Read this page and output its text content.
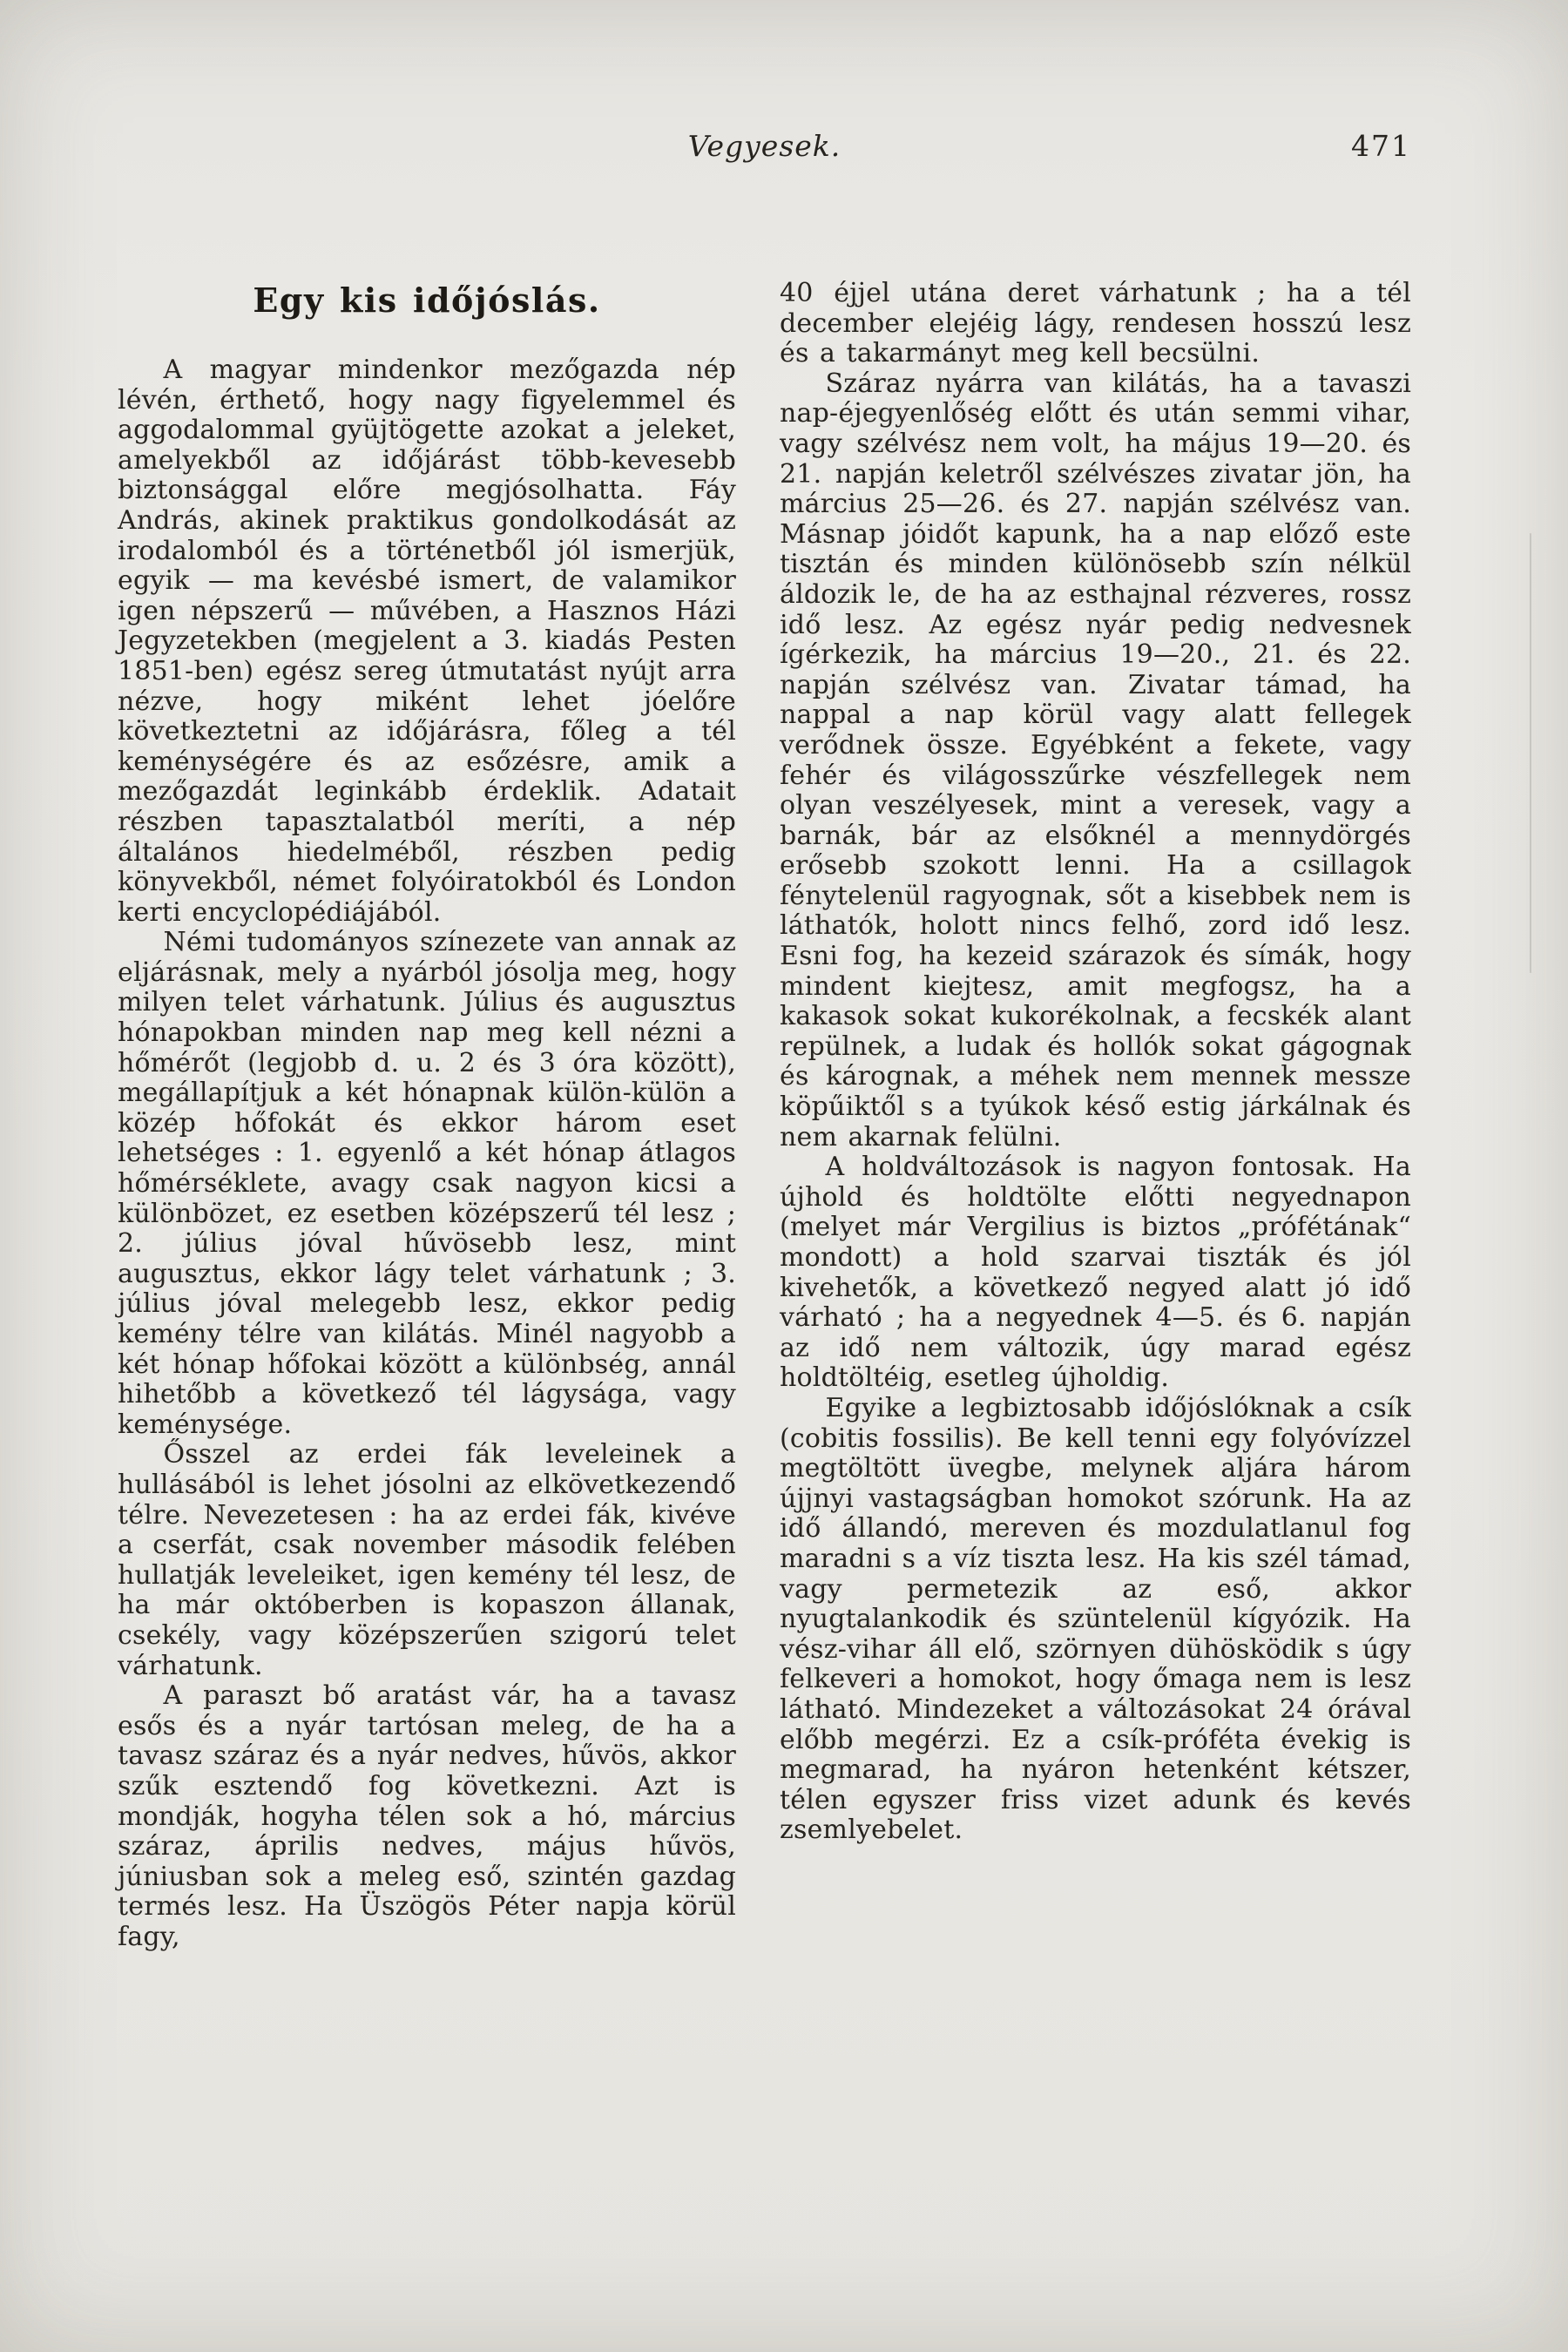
Vegyesek.	471
Egy kis időjóslás.

A magyar mindenkor mezőgazda nép lévén, érthető, hogy nagy figyelemmel és aggodalommal gyüjtögette azokat a jeleket, amelyekből az időjárást több-kevesebb biztonsággal előre megjósolhatta. Fáy András, akinek praktikus gondolkodását az irodalomból és a történetből jól ismerjük, egyik — ma kevésbé ismert, de valamikor igen népszerű — művében, a Hasznos Házi Jegyzetekben (megjelent a 3. kiadás Pesten 1851-ben) egész sereg útmutatást nyújt arra nézve, hogy miként lehet jóelőre következtetni az időjárásra, főleg a tél keménységére és az esőzésre, amik a mezőgazdát leginkább érdeklik. Adatait részben tapasztalatból meríti, a nép általános hiedelméből, részben pedig könyvekből, német folyóiratokból és London kerti encyclopédiájából.

Némi tudományos színezete van annak az eljárásnak, mely a nyárból jósolja meg, hogy milyen telet várhatunk. Július és augusztus hónapokban minden nap meg kell nézni a hőmérőt (legjobb d. u. 2 és 3 óra között), megállapítjuk a két hónapnak külön-külön a közép hőfokát és ekkor három eset lehetséges : 1. egyenlő a két hónap átlagos hőmérséklete, avagy csak nagyon kicsi a különbözet, ez esetben középszerű tél lesz ; 2. július jóval hűvösebb lesz, mint augusztus, ekkor lágy telet várhatunk ; 3. július jóval melegebb lesz, ekkor pedig kemény télre van kilátás. Minél nagyobb a két hónap hőfokai között a különbség, annál hihetőbb a következő tél lágysága, vagy keménysége.

Ősszel az erdei fák leveleinek a hullásából is lehet jósolni az elkövetkezendő télre. Nevezetesen : ha az erdei fák, kivéve a cserfát, csak november második felében hullatják leveleiket, igen kemény tél lesz, de ha már októberben is kopaszon állanak, csekély, vagy középszerűen szigorú telet várhatunk.

A paraszt bő aratást vár, ha a tavasz esős és a nyár tartósan meleg, de ha a tavasz száraz és a nyár nedves, hűvös, akkor szűk esztendő fog következni. Azt is mondják, hogyha télen sok a hó, március száraz, április nedves, május hűvös, júniusban sok a meleg eső, szintén gazdag termés lesz. Ha Üszögös Péter napja körül fagy,

40 éjjel utána deret várhatunk ; ha a tél december elejéig lágy, rendesen hosszú lesz és a takarmányt meg kell becsülni.

Száraz nyárra van kilátás, ha a tavaszi nap-éjegyenlőség előtt és után semmi vihar, vagy szélvész nem volt, ha május 19—20. és 21. napján keletről szélvészes zivatar jön, ha március 25—26. és 27. napján szélvész van. Másnap jóidőt kapunk, ha a nap előző este tisztán és minden különösebb szín nélkül áldozik le, de ha az esthajnal rézveres, rossz idő lesz. Az egész nyár pedig nedvesnek ígérkezik, ha március 19—20., 21. és 22. napján szélvész van. Zivatar támad, ha nappal a nap körül vagy alatt fellegek verődnek össze. Egyébként a fekete, vagy fehér és világosszűrke vészfellegek nem olyan veszélyesek, mint a veresek, vagy a barnák, bár az elsőknél a mennydörgés erősebb szokott lenni. Ha a csillagok fénytelenül ragyognak, sőt a kisebbek nem is láthatók, holott nincs felhő, zord idő lesz. Esni fog, ha kezeid szárazok és símák, hogy mindent kiejtesz, amit megfogsz, ha a kakasok sokat kukorékolnak, a fecskék alant repülnek, a ludak és hollók sokat gágognak és kárognak, a méhek nem mennek messze köpűiktől s a tyúkok késő estig járkálnak és nem akarnak felülni.

A holdváltozások is nagyon fontosak. Ha újhold és holdtölte előtti negyednapon (melyet már Vergilius is biztos „prófétának“ mondott) a hold szarvai tiszták és jól kivehetők, a következő negyed alatt jó idő várható ; ha a negyednek 4—5. és 6. napján az idő nem változik, úgy marad egész holdtöltéig, esetleg újholdig.

Egyike a legbiztosabb időjóslóknak a csík (cobitis fossilis). Be kell tenni egy folyóvízzel megtöltött üvegbe, melynek aljára három újjnyi vastagságban homokot szórunk. Ha az idő állandó, mereven és mozdulatlanul fog maradni s a víz tiszta lesz. Ha kis szél támad, vagy permetezik az eső, akkor nyugtalankodik és szüntelenül kígyózik. Ha vész-vihar áll elő, szörnyen dühösködik s úgy felkeveri a homokot, hogy őmaga nem is lesz látható. Mindezeket a változásokat 24 órával előbb megérzi. Ez a csík-próféta évekig is megmarad, ha nyáron hetenként kétszer, télen egyszer friss vizet adunk és kevés zsemlyebelet.
